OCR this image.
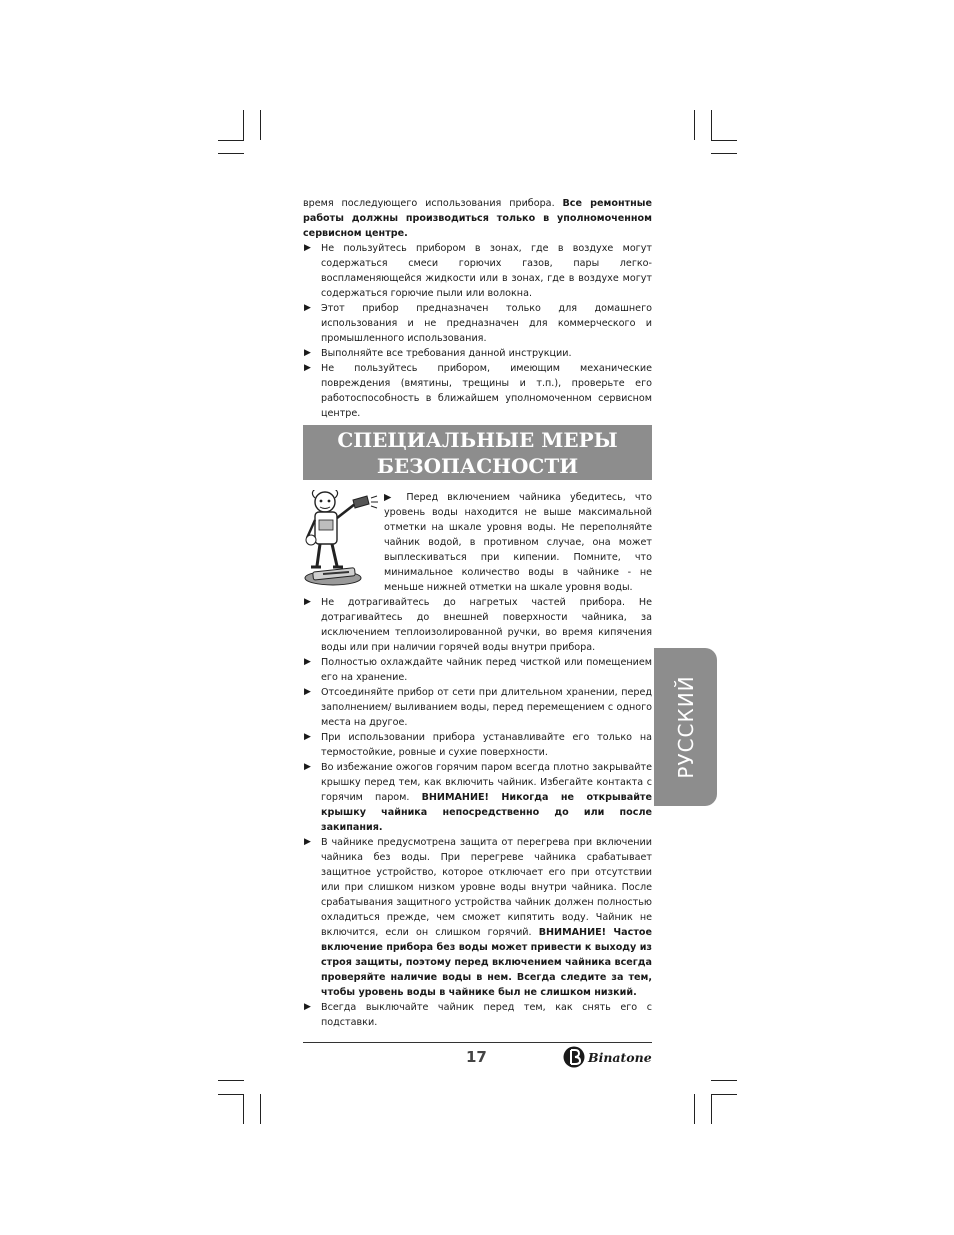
время последующего использования прибора. Все ремонтные работы должны производиться только в уполномоченном сервисном центре.

▶ Не пользуйтесь прибором в зонах, где в воздухе могут содержаться смеси горючих газов, пары легко-воспламеняющейся жидкости или в зонах, где в воздухе могут содержаться горючие пыли или волокна.
▶ Этот прибор предназначен только для домашнего использования и не предназначен для коммерческого и промышленного использования.
▶ Выполняйте все требования данной инструкции.
▶ Не пользуйтесь прибором, имеющим механические повреждения (вмятины, трещины и т.п.), проверьте его работоспособность в ближайшем уполномоченном сервисном центре.
СПЕЦИАЛЬНЫЕ МЕРЫ
БЕЗОПАСНОСТИ
▶ Перед включением чайника убедитесь, что уровень воды находится не выше максимальной отметки на шкале уровня воды. Не переполняйте чайник водой, в противном случае, она может выплескиваться при кипении. Помните, что минимальное количество воды в чайнике - не меньше нижней отметки на шкале уровня воды.
▶ Не дотрагивайтесь до нагретых частей прибора. Не дотрагивайтесь до внешней поверхности чайника, за исключением теплоизолированной ручки, во время кипячения воды или при наличии горячей воды внутри прибора.
▶ Полностью охлаждайте чайник перед чисткой или помещением его на хранение.
▶ Отсоединяйте прибор от сети при длительном хранении, перед заполнением/ выливанием воды, перед перемещением с одного места на другое.
▶ При использовании прибора устанавливайте его только на термостойкие, ровные и сухие поверхности.
▶ Во избежание ожогов горячим паром всегда плотно закрывайте крышку перед тем, как включить чайник. Избегайте контакта с горячим паром. ВНИМАНИЕ! Никогда не открывайте крышку чайника непосредственно до или после закипания.
▶ В чайнике предусмотрена защита от перегрева при включении чайника без воды. При перегреве чайника срабатывает защитное устройство, которое отключает его при отсутствии или при слишком низком уровне воды внутри чайника. После срабатывания защитного устройства чайник должен полностью охладиться прежде, чем сможет кипятить воду. Чайник не включится, если он слишком горячий. ВНИМАНИЕ! Частое включение прибора без воды может привести к выходу из строя защиты, поэтому перед включением чайника всегда проверяйте наличие воды в нем. Всегда следите за тем, чтобы уровень воды в чайнике был не слишком низкий.
▶ Всегда выключайте чайник перед тем, как снять его с подставки.
РУССКИЙ
17	Binatone
